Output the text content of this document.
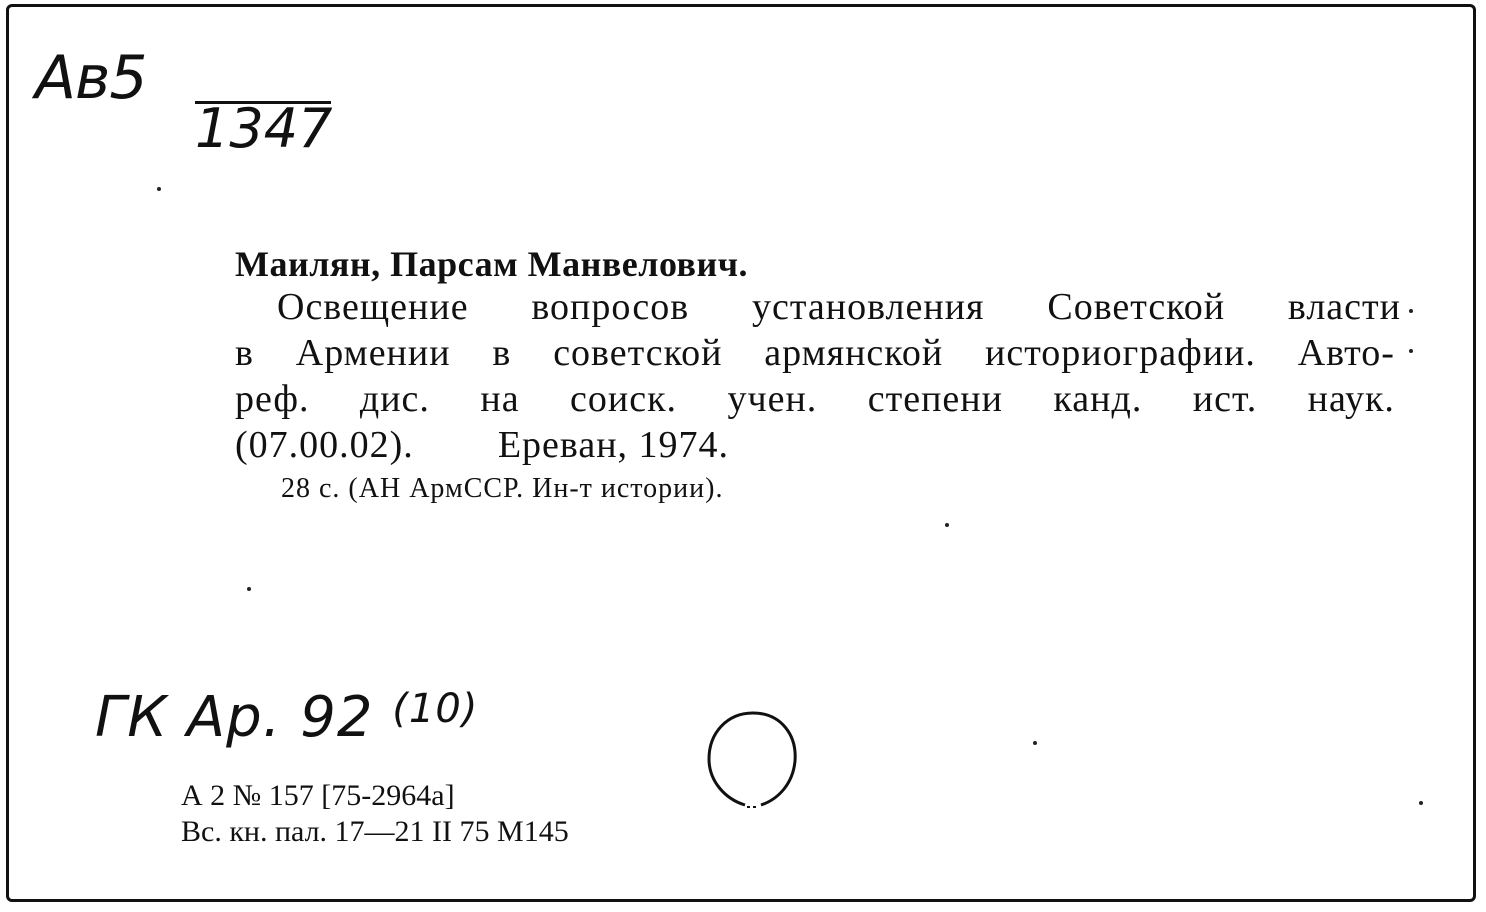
Ав5
1347
Маилян, Парсам Манвелович.
Освещение вопросов установления Советской власти
в Армении в советской армянской историографии. Авто-
реф. дис. на соиск. учен. степени канд. ист. наук.
(07.00.02). Ереван, 1974.
28 с. (АН АрмССР. Ин-т истории).
ГК Ар. 92 $^{(10)}$
А 2 № 157 [75-2964а]
Вс. кн. пал. 17—21 II 75 М145
